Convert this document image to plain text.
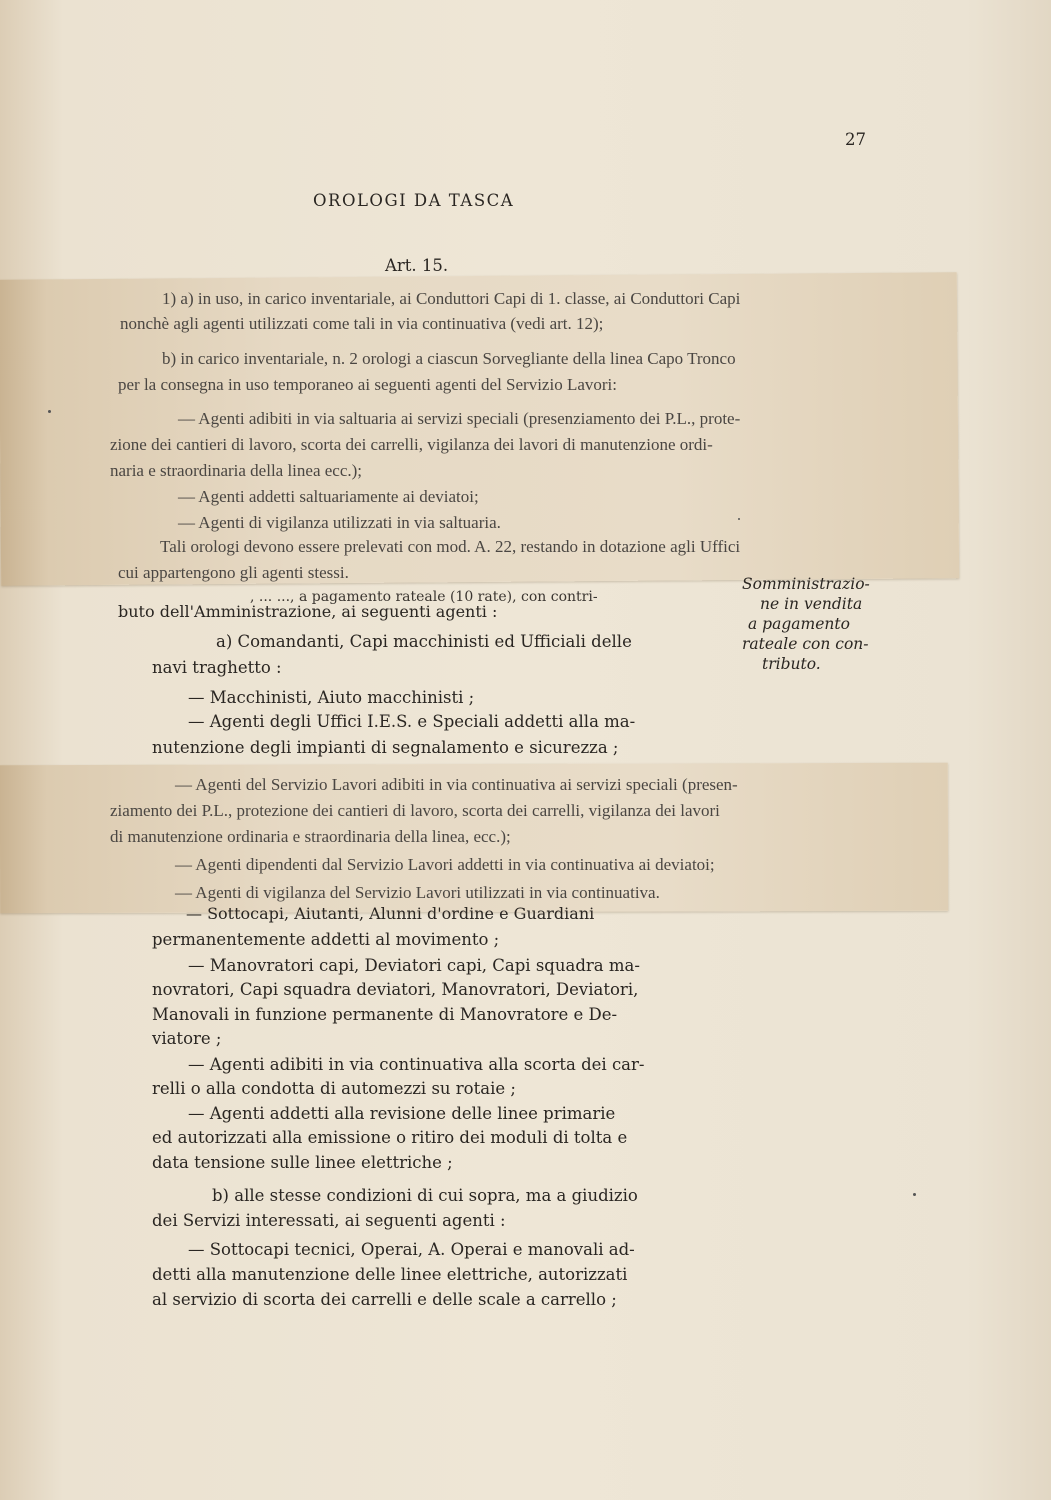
27
OROLOGI DA TASCA
Art. 15.
, ... ..., a pagamento rateale (10 rate), con contri-
1) a) in uso, in carico inventariale, ai Conduttori Capi di 1. classe, ai Conduttori Capi
nonchè agli agenti utilizzati come tali in via continuativa (vedi art. 12);
b) in carico inventariale, n. 2 orologi a ciascun Sorvegliante della linea Capo Tronco
per la consegna in uso temporaneo ai seguenti agenti del Servizio Lavori:
— Agenti adibiti in via saltuaria ai servizi speciali (presenziamento dei P.L., prote-
zione dei cantieri di lavoro, scorta dei carrelli, vigilanza dei lavori di manutenzione ordi-
naria e straordinaria della linea ecc.);
— Agenti addetti saltuariamente ai deviatoi;
— Agenti di vigilanza utilizzati in via saltuaria.
Tali orologi devono essere prelevati con mod. A. 22, restando in dotazione agli Uffici
cui appartengono gli agenti stessi.
buto dell'Amministrazione, ai seguenti agenti :
a) Comandanti, Capi macchinisti ed Ufficiali delle
navi traghetto :
— Macchinisti, Aiuto macchinisti ;
— Agenti degli Uffici I.E.S. e Speciali addetti alla ma-
nutenzione degli impianti di segnalamento e sicurezza ;
Somministrazio-
ne in vendita
a pagamento
rateale con con-
tributo.
— Agenti del Servizio Lavori adibiti in via continuativa ai servizi speciali (presen-
ziamento dei P.L., protezione dei cantieri di lavoro, scorta dei carrelli, vigilanza dei lavori
di manutenzione ordinaria e straordinaria della linea, ecc.);
— Agenti dipendenti dal Servizio Lavori addetti in via continuativa ai deviatoi;
— Agenti di vigilanza del Servizio Lavori utilizzati in via continuativa.
— Sottocapi, Aiutanti, Alunni d'ordine e Guardiani
permanentemente addetti al movimento ;
— Manovratori capi, Deviatori capi, Capi squadra ma-
novratori, Capi squadra deviatori, Manovratori, Deviatori,
Manovali in funzione permanente di Manovratore e De-
viatore ;
— Agenti adibiti in via continuativa alla scorta dei car-
relli o alla condotta di automezzi su rotaie ;
— Agenti addetti alla revisione delle linee primarie
ed autorizzati alla emissione o ritiro dei moduli di tolta e
data tensione sulle linee elettriche ;
b) alle stesse condizioni di cui sopra, ma a giudizio
dei Servizi interessati, ai seguenti agenti :
— Sottocapi tecnici, Operai, A. Operai e manovali ad-
detti alla manutenzione delle linee elettriche, autorizzati
al servizio di scorta dei carrelli e delle scale a carrello ;
